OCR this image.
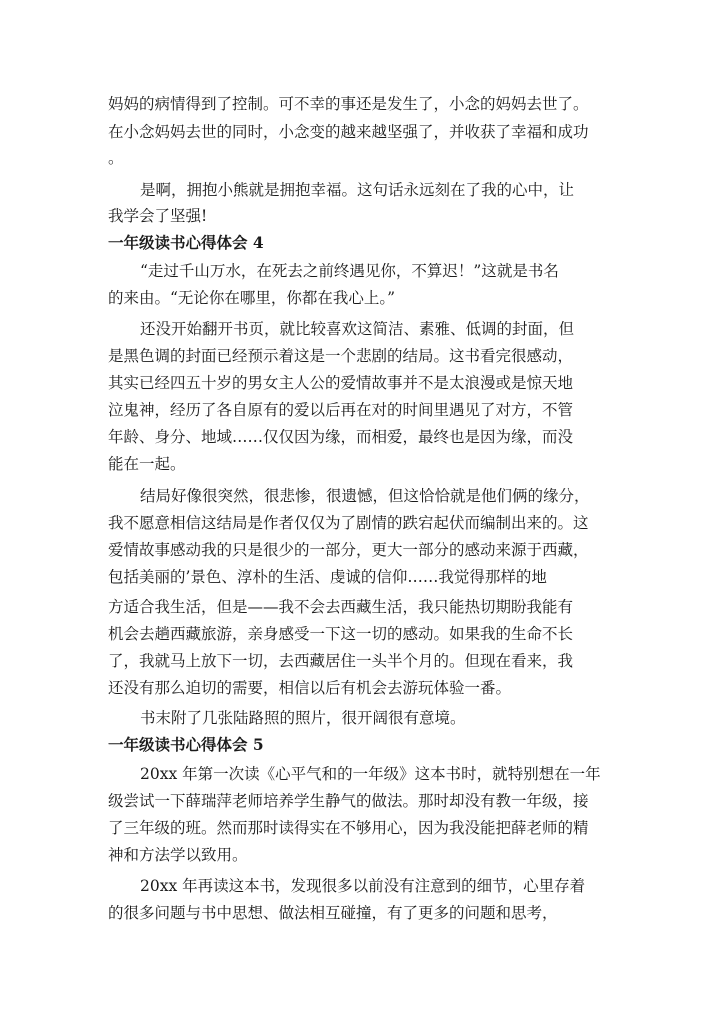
妈妈的病情得到了控制。可不幸的事还是发生了，小念的妈妈去世了。
在小念妈妈去世的同时，小念变的越来越坚强了，并收获了幸福和成功
。
是啊，拥抱小熊就是拥抱幸福。这句话永远刻在了我的心中，让
我学会了坚强!
一年级读书心得体会 4
“走过千山万水，在死去之前终遇见你，不算迟！”这就是书名
的来由。“无论你在哪里，你都在我心上。”
还没开始翻开书页，就比较喜欢这简洁、素雅、低调的封面，但
是黑色调的封面已经预示着这是一个悲剧的结局。这书看完很感动，
其实已经四五十岁的男女主人公的爱情故事并不是太浪漫或是惊天地
泣鬼神，经历了各自原有的爱以后再在对的时间里遇见了对方，不管
年龄、身分、地域……仅仅因为缘，而相爱，最终也是因为缘，而没
能在一起。
结局好像很突然，很悲惨，很遗憾，但这恰恰就是他们俩的缘分，
我不愿意相信这结局是作者仅仅为了剧情的跌宕起伏而编制出来的。这
爱情故事感动我的只是很少的一部分，更大一部分的感动来源于西藏，
包括美丽的’景色、淳朴的生活、虔诚的信仰……我觉得那样的地
方适合我生活，但是——我不会去西藏生活，我只能热切期盼我能有
机会去趟西藏旅游，亲身感受一下这一切的感动。如果我的生命不长
了，我就马上放下一切，去西藏居住一头半个月的。但现在看来，我
还没有那么迫切的需要，相信以后有机会去游玩体验一番。
书末附了几张陆路照的照片，很开阔很有意境。
一年级读书心得体会 5
20xx 年第一次读《心平气和的一年级》这本书时，就特别想在一年
级尝试一下薛瑞萍老师培养学生静气的做法。那时却没有教一年级，接
了三年级的班。然而那时读得实在不够用心，因为我没能把薛老师的精
神和方法学以致用。
20xx 年再读这本书，发现很多以前没有注意到的细节，心里存着
的很多问题与书中思想、做法相互碰撞，有了更多的问题和思考，
